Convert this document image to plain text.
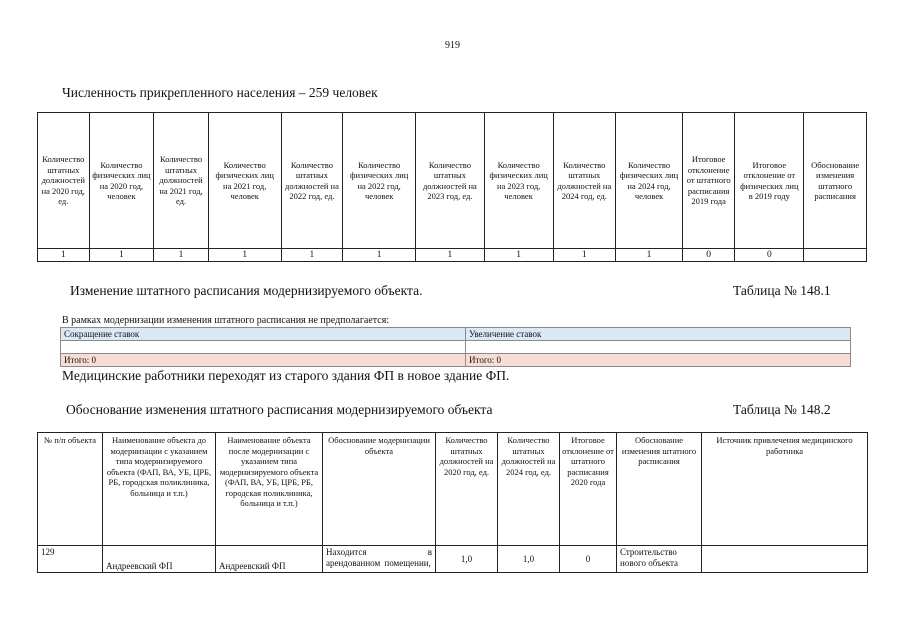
919
Численность прикрепленного населения – 259 человек
Количество штатных должностей на 2020 год, ед.	Количество физических лиц на 2020 год, человек	Количество штатных должностей на 2021 год, ед.	Количество физических лиц на 2021 год, человек	Количество штатных должностей на 2022 год, ед.	Количество физических лиц на 2022 год, человек	Количество штатных должностей на 2023 год, ед.	Количество физических лиц на 2023 год, человек	Количество штатных должностей на 2024 год, ед.	Количество физических лиц на 2024 год, человек	Итоговое отклонение от штатного расписания 2019 года	Итоговое отклонение от физических лиц в 2019 году	Обоснование изменения штатного расписания
1	1	1	1	1	1	1	1	1	1	0	0	
Изменение штатного расписания модернизируемого объекта.	Таблица № 148.1
В рамках модернизации изменения штатного расписания не предполагается:
Сокращение ставок	Увеличение ставок

Итого: 0	Итого: 0
Медицинские работники переходят из старого здания ФП в новое здание ФП.
Обоснование изменения штатного расписания модернизируемого объекта	Таблица № 148.2
№ п/п объекта	Наименование объекта до модернизации с указанием типа модернизируемого объекта (ФАП, ВА, УБ, ЦРБ, РБ, городская поликлиника, больница и т.п.)	Наименование объекта после модернизации с указанием типа модернизируемого объекта (ФАП, ВА, УБ, ЦРБ, РБ, городская поликлиника, больница и т.п.)	Обоснование модернизации объекта	Количество штатных должностей на 2020 год, ед.	Количество штатных должностей на 2024 год, ед.	Итоговое отклонение от штатного расписания 2020 года	Обоснование изменения штатного расписания	Источник привлечения медицинского работника
129	Андреевский ФП	Андреевский ФП	Находится в арендованном помещении,	1,0	1,0	0	Строительство нового объекта	
